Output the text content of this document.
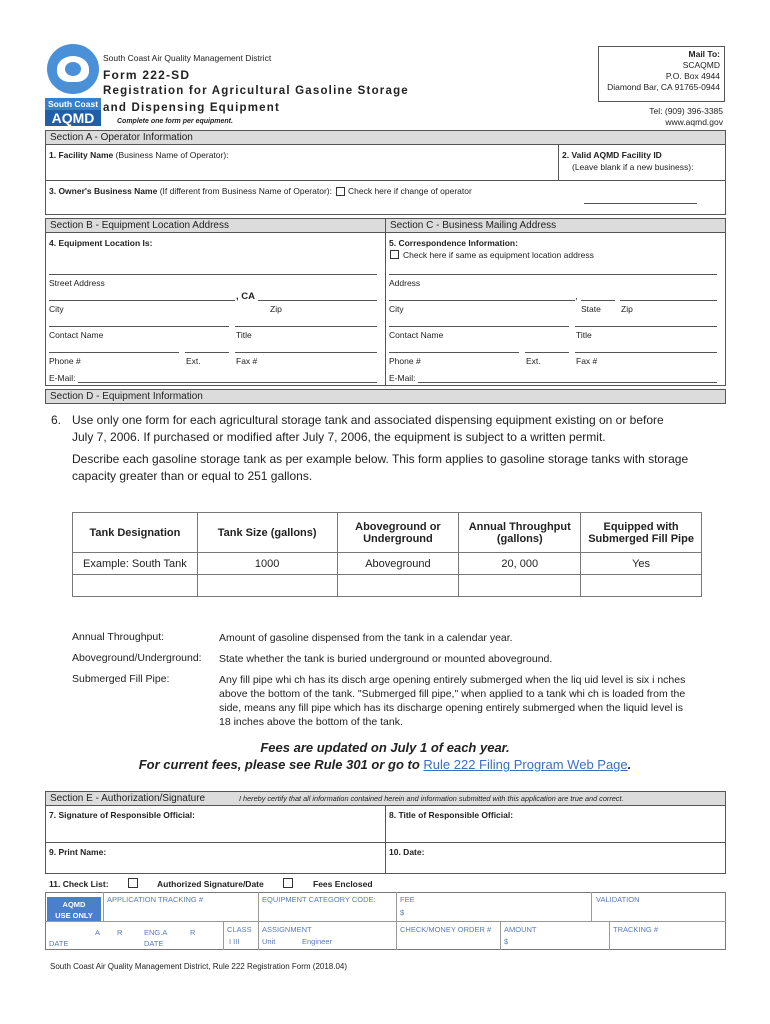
South Coast
AQMD
South Coast Air Quality Management District
Form 222-SD
Registration for Agricultural Gasoline Storage
and Dispensing Equipment
Complete one form per equipment.
Mail To:
SCAQMD
P.O. Box 4944
Diamond Bar, CA 91765-0944
Tel: (909) 396-3385
www.aqmd.gov
Section A - Operator Information
1. Facility Name (Business Name of Operator):	2. Valid AQMD Facility ID
(Leave blank if a new business):
3. Owner's Business Name (If different from Business Name of Operator): Check here if change of operator
Section B - Equipment Location Address	Section C - Business Mailing Address
4. Equipment Location Is:
Street Address
, CA
City	Zip
Contact Name	Title
Phone #	Ext.	Fax #
E-Mail:
5. Correspondence Information:
Check here if same as equipment location address
Address
,
City	State Zip
Contact Name	Title
Phone #	Ext.	Fax #
E-Mail:
Section D - Equipment Information
6. Use only one form for each agricultural storage tank and associated dispensing equipment existing on or before
July 7, 2006. If purchased or modified after July 7, 2006, the equipment is subject to a written permit.
Describe each gasoline storage tank as per example below. This form applies to gasoline storage tanks with storage
capacity greater than or equal to 251 gallons.
Tank Designation	Tank Size (gallons)	Aboveground or Underground	Annual Throughput (gallons)	Equipped with Submerged Fill Pipe
Example: South Tank	1000	Aboveground	20, 000	Yes

Annual Throughput:	Amount of gasoline dispensed from the tank in a calendar year.
Aboveground/Underground: State whether the tank is buried underground or mounted aboveground.
Submerged Fill Pipe:	Any fill pipe whi ch has its disch arge opening entirely submerged when the liq uid level is six i nches above the bottom of the tank. "Submerged fill pipe," when applied to a tank whi ch is loaded from the side, means any fill pipe which has its discharge opening entirely submerged when the liquid level is 18 inches above the bottom of the tank.
Fees are updated on July 1 of each year.
For current fees, please see Rule 301 or go to Rule 222 Filing Program Web Page.
Section E - Authorization/Signature	I hereby certify that all information contained herein and information submitted with this application are true and correct.
7. Signature of Responsible Official:	8. Title of Responsible Official:
9. Print Name:	10. Date:
11. Check List:	Authorized Signature/Date	Fees Enclosed
AQMD
USE ONLY
APPLICATION TRACKING #	EQUIPMENT CATEGORY CODE:	FEE
$
VALIDATION
A R	ENG.A	R
DATE	DATE
CLASS
I III
ASSIGNMENT
Unit	Engineer
CHECK/MONEY ORDER # AMOUNT
$
TRACKING #
South Coast Air Quality Management District, Rule 222 Registration Form (2018.04)
